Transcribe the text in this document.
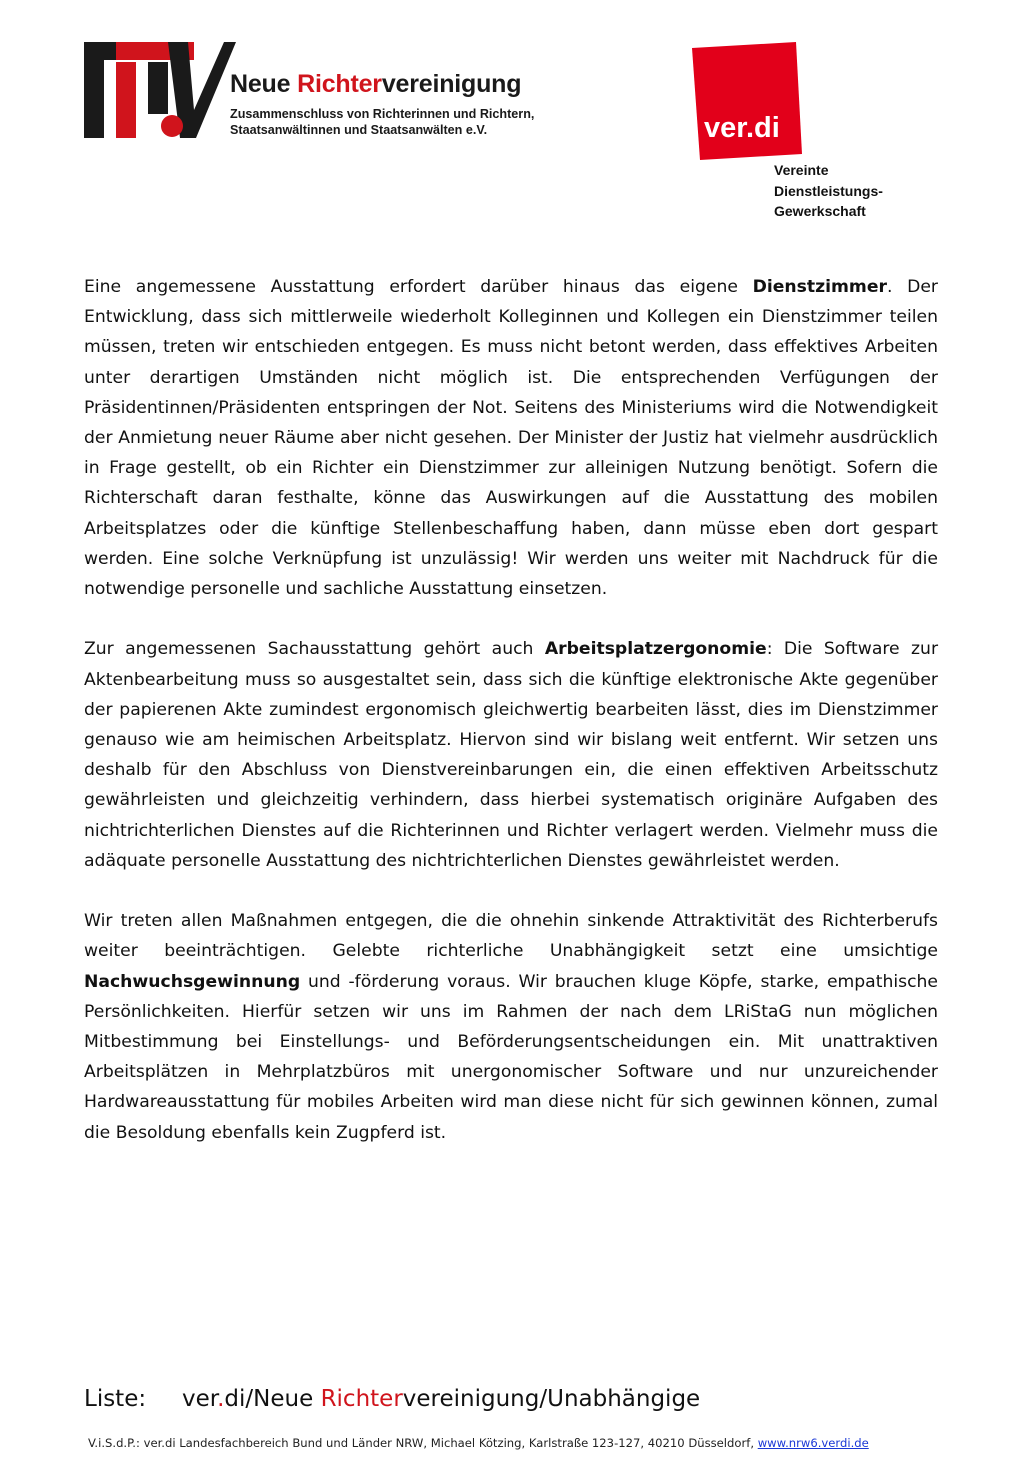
Neue Richtervereinigung
Zusammenschluss von Richterinnen und Richtern,
Staatsanwältinnen und Staatsanwälten e.V.	ver.di
Vereinte
Dienstleistungs-
Gewerkschaft

Eine angemessene Ausstattung erfordert darüber hinaus das eigene Dienstzimmer. Der Entwicklung, dass sich mittlerweile wiederholt Kolleginnen und Kollegen ein Dienstzimmer teilen müssen, treten wir entschieden entgegen. Es muss nicht betont werden, dass effektives Arbeiten unter derartigen Umständen nicht möglich ist. Die entsprechenden Verfügungen der Präsidentinnen/Präsidenten entspringen der Not. Seitens des Ministeriums wird die Notwendigkeit der Anmietung neuer Räume aber nicht gesehen. Der Minister der Justiz hat vielmehr ausdrücklich in Frage gestellt, ob ein Richter ein Dienstzimmer zur alleinigen Nutzung benötigt. Sofern die Richterschaft daran festhalte, könne das Auswirkungen auf die Ausstattung des mobilen Arbeitsplatzes oder die künftige Stellenbeschaffung haben, dann müsse eben dort gespart werden. Eine solche Verknüpfung ist unzulässig! Wir werden uns weiter mit Nachdruck für die notwendige personelle und sachliche Ausstattung einsetzen.

Zur angemessenen Sachausstattung gehört auch Arbeitsplatzergonomie: Die Software zur Aktenbearbeitung muss so ausgestaltet sein, dass sich die künftige elektronische Akte gegenüber der papierenen Akte zumindest ergonomisch gleichwertig bearbeiten lässt, dies im Dienstzimmer genauso wie am heimischen Arbeitsplatz. Hiervon sind wir bislang weit entfernt. Wir setzen uns deshalb für den Abschluss von Dienstvereinbarungen ein, die einen effektiven Arbeitsschutz gewährleisten und gleichzeitig verhindern, dass hierbei systematisch originäre Aufgaben des nichtrichterlichen Dienstes auf die Richterinnen und Richter verlagert werden. Vielmehr muss die adäquate personelle Ausstattung des nichtrichterlichen Dienstes gewährleistet werden.

Wir treten allen Maßnahmen entgegen, die die ohnehin sinkende Attraktivität des Richterberufs weiter beeinträchtigen. Gelebte richterliche Unabhängigkeit setzt eine umsichtige Nachwuchsgewinnung und -förderung voraus. Wir brauchen kluge Köpfe, starke, empathische Persönlichkeiten. Hierfür setzen wir uns im Rahmen der nach dem LRiStaG nun möglichen Mitbestimmung bei Einstellungs- und Beförderungsentscheidungen ein. Mit unattraktiven Arbeitsplätzen in Mehrplatzbüros mit unergonomischer Software und nur unzureichender Hardwareausstattung für mobiles Arbeiten wird man diese nicht für sich gewinnen können, zumal die Besoldung ebenfalls kein Zugpferd ist.

Liste: ver.di/Neue Richtervereinigung/Unabhängige
V.i.S.d.P.: ver.di Landesfachbereich Bund und Länder NRW, Michael Kötzing, Karlstraße 123-127, 40210 Düsseldorf, www.nrw6.verdi.de
